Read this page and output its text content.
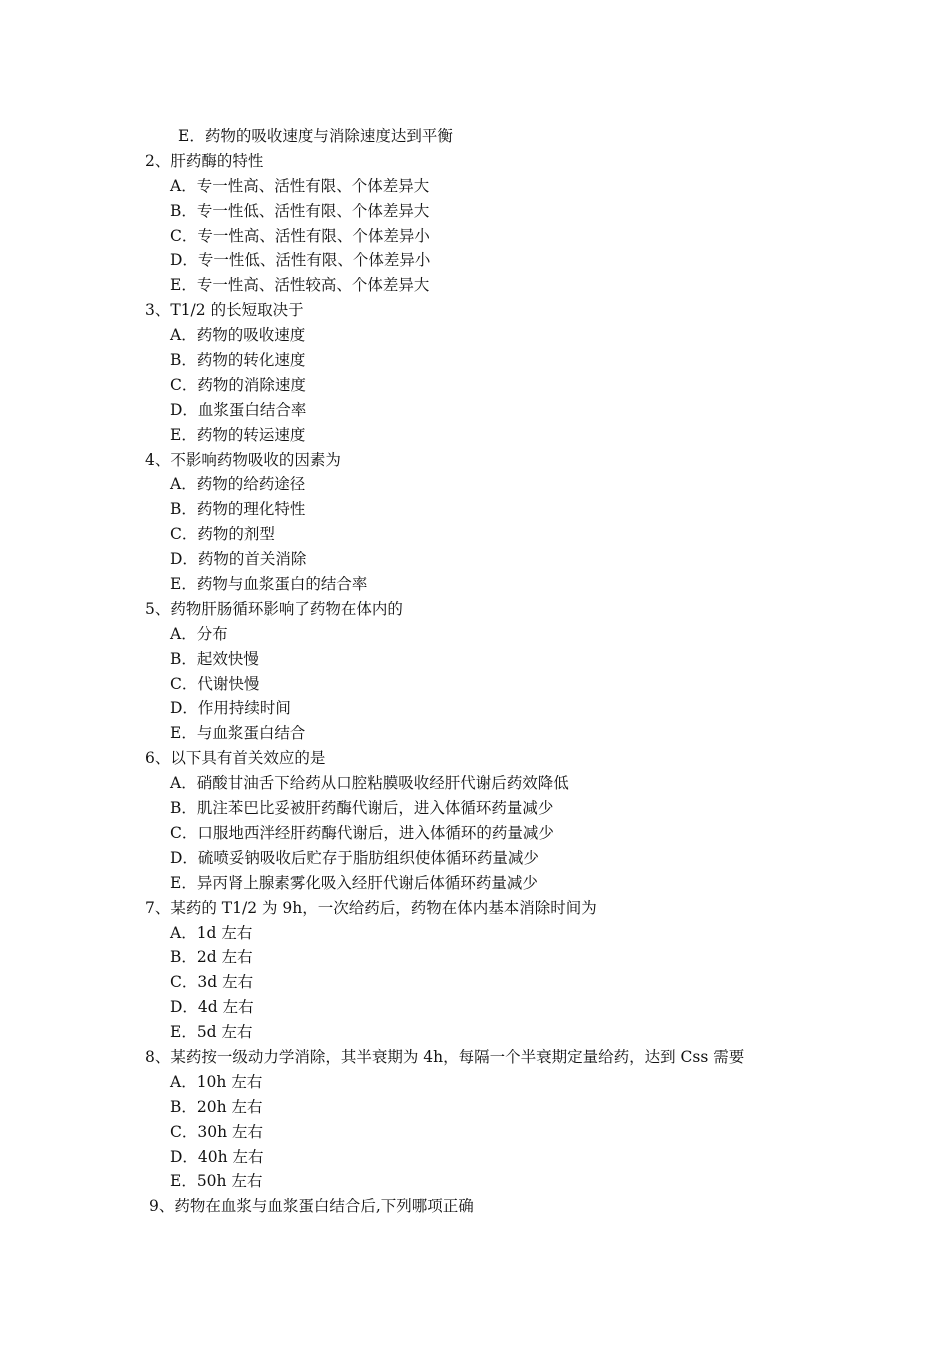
E．药物的吸收速度与消除速度达到平衡
2、肝药酶的特性
A．专一性高、活性有限、个体差异大
B．专一性低、活性有限、个体差异大
C．专一性高、活性有限、个体差异小
D．专一性低、活性有限、个体差异小
E．专一性高、活性较高、个体差异大
3、T1/2 的长短取决于
A．药物的吸收速度
B．药物的转化速度
C．药物的消除速度
D．血浆蛋白结合率
E．药物的转运速度
4、不影响药物吸收的因素为
A．药物的给药途径
B．药物的理化特性
C．药物的剂型
D．药物的首关消除
E．药物与血浆蛋白的结合率
5、药物肝肠循环影响了药物在体内的
A．分布
B．起效快慢
C．代谢快慢
D．作用持续时间
E．与血浆蛋白结合
6、以下具有首关效应的是
A．硝酸甘油舌下给药从口腔粘膜吸收经肝代谢后药效降低
B．肌注苯巴比妥被肝药酶代谢后，进入体循环药量减少
C．口服地西泮经肝药酶代谢后，进入体循环的药量减少
D．硫喷妥钠吸收后贮存于脂肪组织使体循环药量减少
E．异丙肾上腺素雾化吸入经肝代谢后体循环药量减少
7、某药的 T1/2 为 9h，一次给药后，药物在体内基本消除时间为
A．1d 左右
B．2d 左右
C．3d 左右
D．4d 左右
E．5d 左右
8、某药按一级动力学消除，其半衰期为 4h，每隔一个半衰期定量给药，达到 Css 需要
A．10h 左右
B．20h 左右
C．30h 左右
D．40h 左右
E．50h 左右
9、药物在血浆与血浆蛋白结合后,下列哪项正确
